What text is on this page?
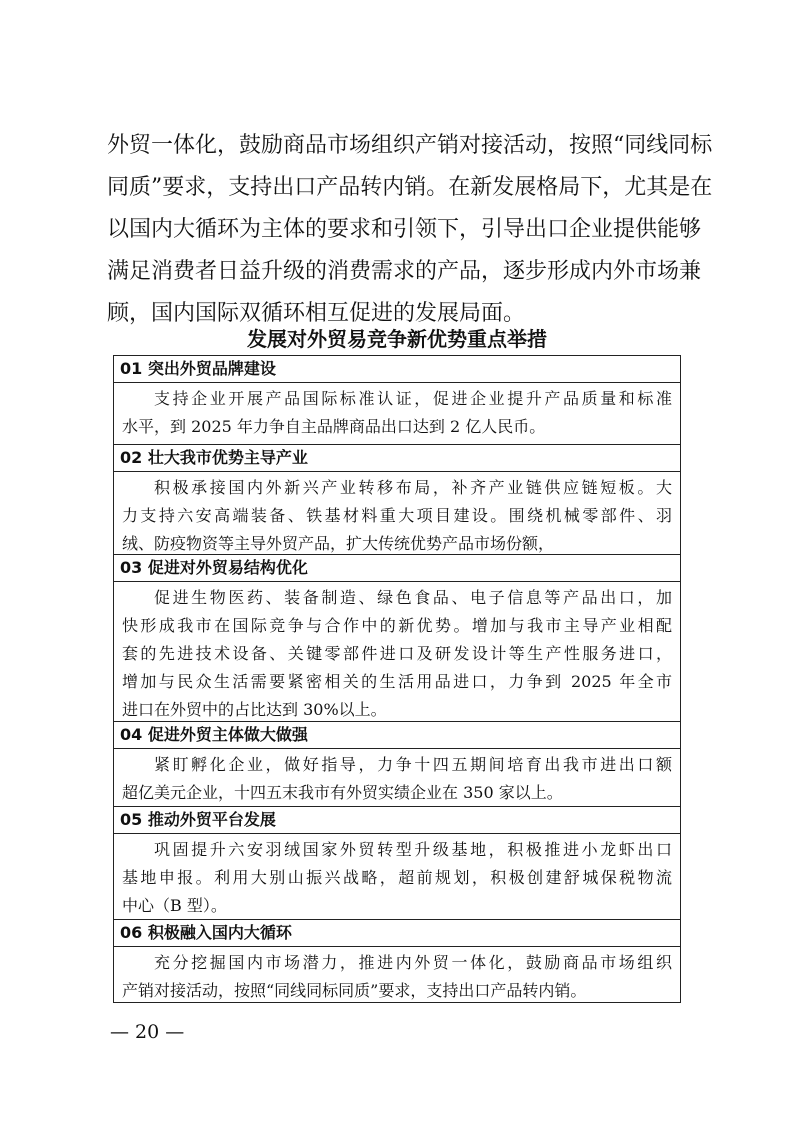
外贸一体化，鼓励商品市场组织产销对接活动，按照“同线同标
同质”要求，支持出口产品转内销。在新发展格局下，尤其是在
以国内大循环为主体的要求和引领下，引导出口企业提供能够
满足消费者日益升级的消费需求的产品，逐步形成内外市场兼
顾，国内国际双循环相互促进的发展局面。
发展对外贸易竞争新优势重点举措
01 突出外贸品牌建设
支持企业开展产品国际标准认证，促进企业提升产品质量和标准
水平，到 2025 年力争自主品牌商品出口达到 2 亿人民币。
02 壮大我市优势主导产业
积极承接国内外新兴产业转移布局，补齐产业链供应链短板。大
力支持六安高端装备、铁基材料重大项目建设。围绕机械零部件、羽
绒、防疫物资等主导外贸产品，扩大传统优势产品市场份额，
03 促进对外贸易结构优化
促进生物医药、装备制造、绿色食品、电子信息等产品出口，加
快形成我市在国际竞争与合作中的新优势。增加与我市主导产业相配
套的先进技术设备、关键零部件进口及研发设计等生产性服务进口，
增加与民众生活需要紧密相关的生活用品进口，力争到 2025 年全市
进口在外贸中的占比达到 30%以上。
04 促进外贸主体做大做强
紧盯孵化企业，做好指导，力争十四五期间培育出我市进出口额
超亿美元企业，十四五末我市有外贸实绩企业在 350 家以上。
05 推动外贸平台发展
巩固提升六安羽绒国家外贸转型升级基地，积极推进小龙虾出口
基地申报。利用大别山振兴战略，超前规划，积极创建舒城保税物流
中心（B 型）。
06 积极融入国内大循环
充分挖掘国内市场潜力，推进内外贸一体化，鼓励商品市场组织
产销对接活动，按照“同线同标同质”要求，支持出口产品转内销。
— 20 —
